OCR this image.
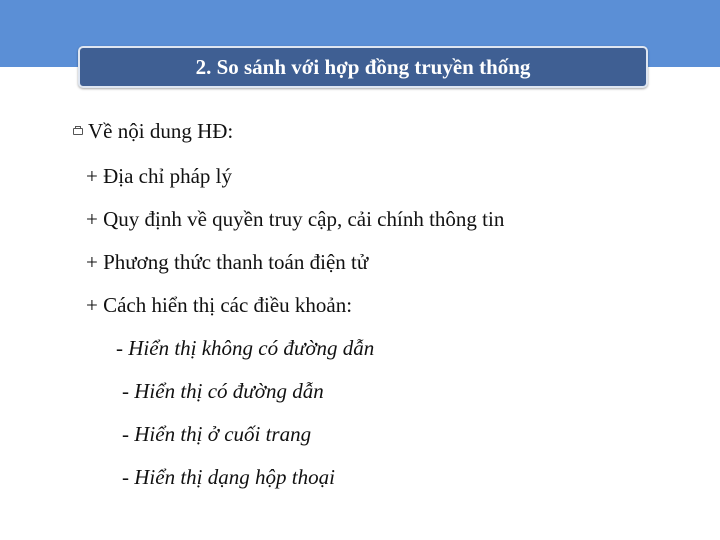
2. So sánh với hợp đồng truyền thống
Về nội dung HĐ:
+ Địa chỉ pháp lý
+ Quy định về quyền truy cập, cải chính thông tin
+ Phương thức thanh toán điện tử
+ Cách hiển thị các điều khoản:
- Hiển thị không có đường dẫn
- Hiển thị có đường dẫn
- Hiển thị ở cuối trang
- Hiển thị dạng hộp thoại
